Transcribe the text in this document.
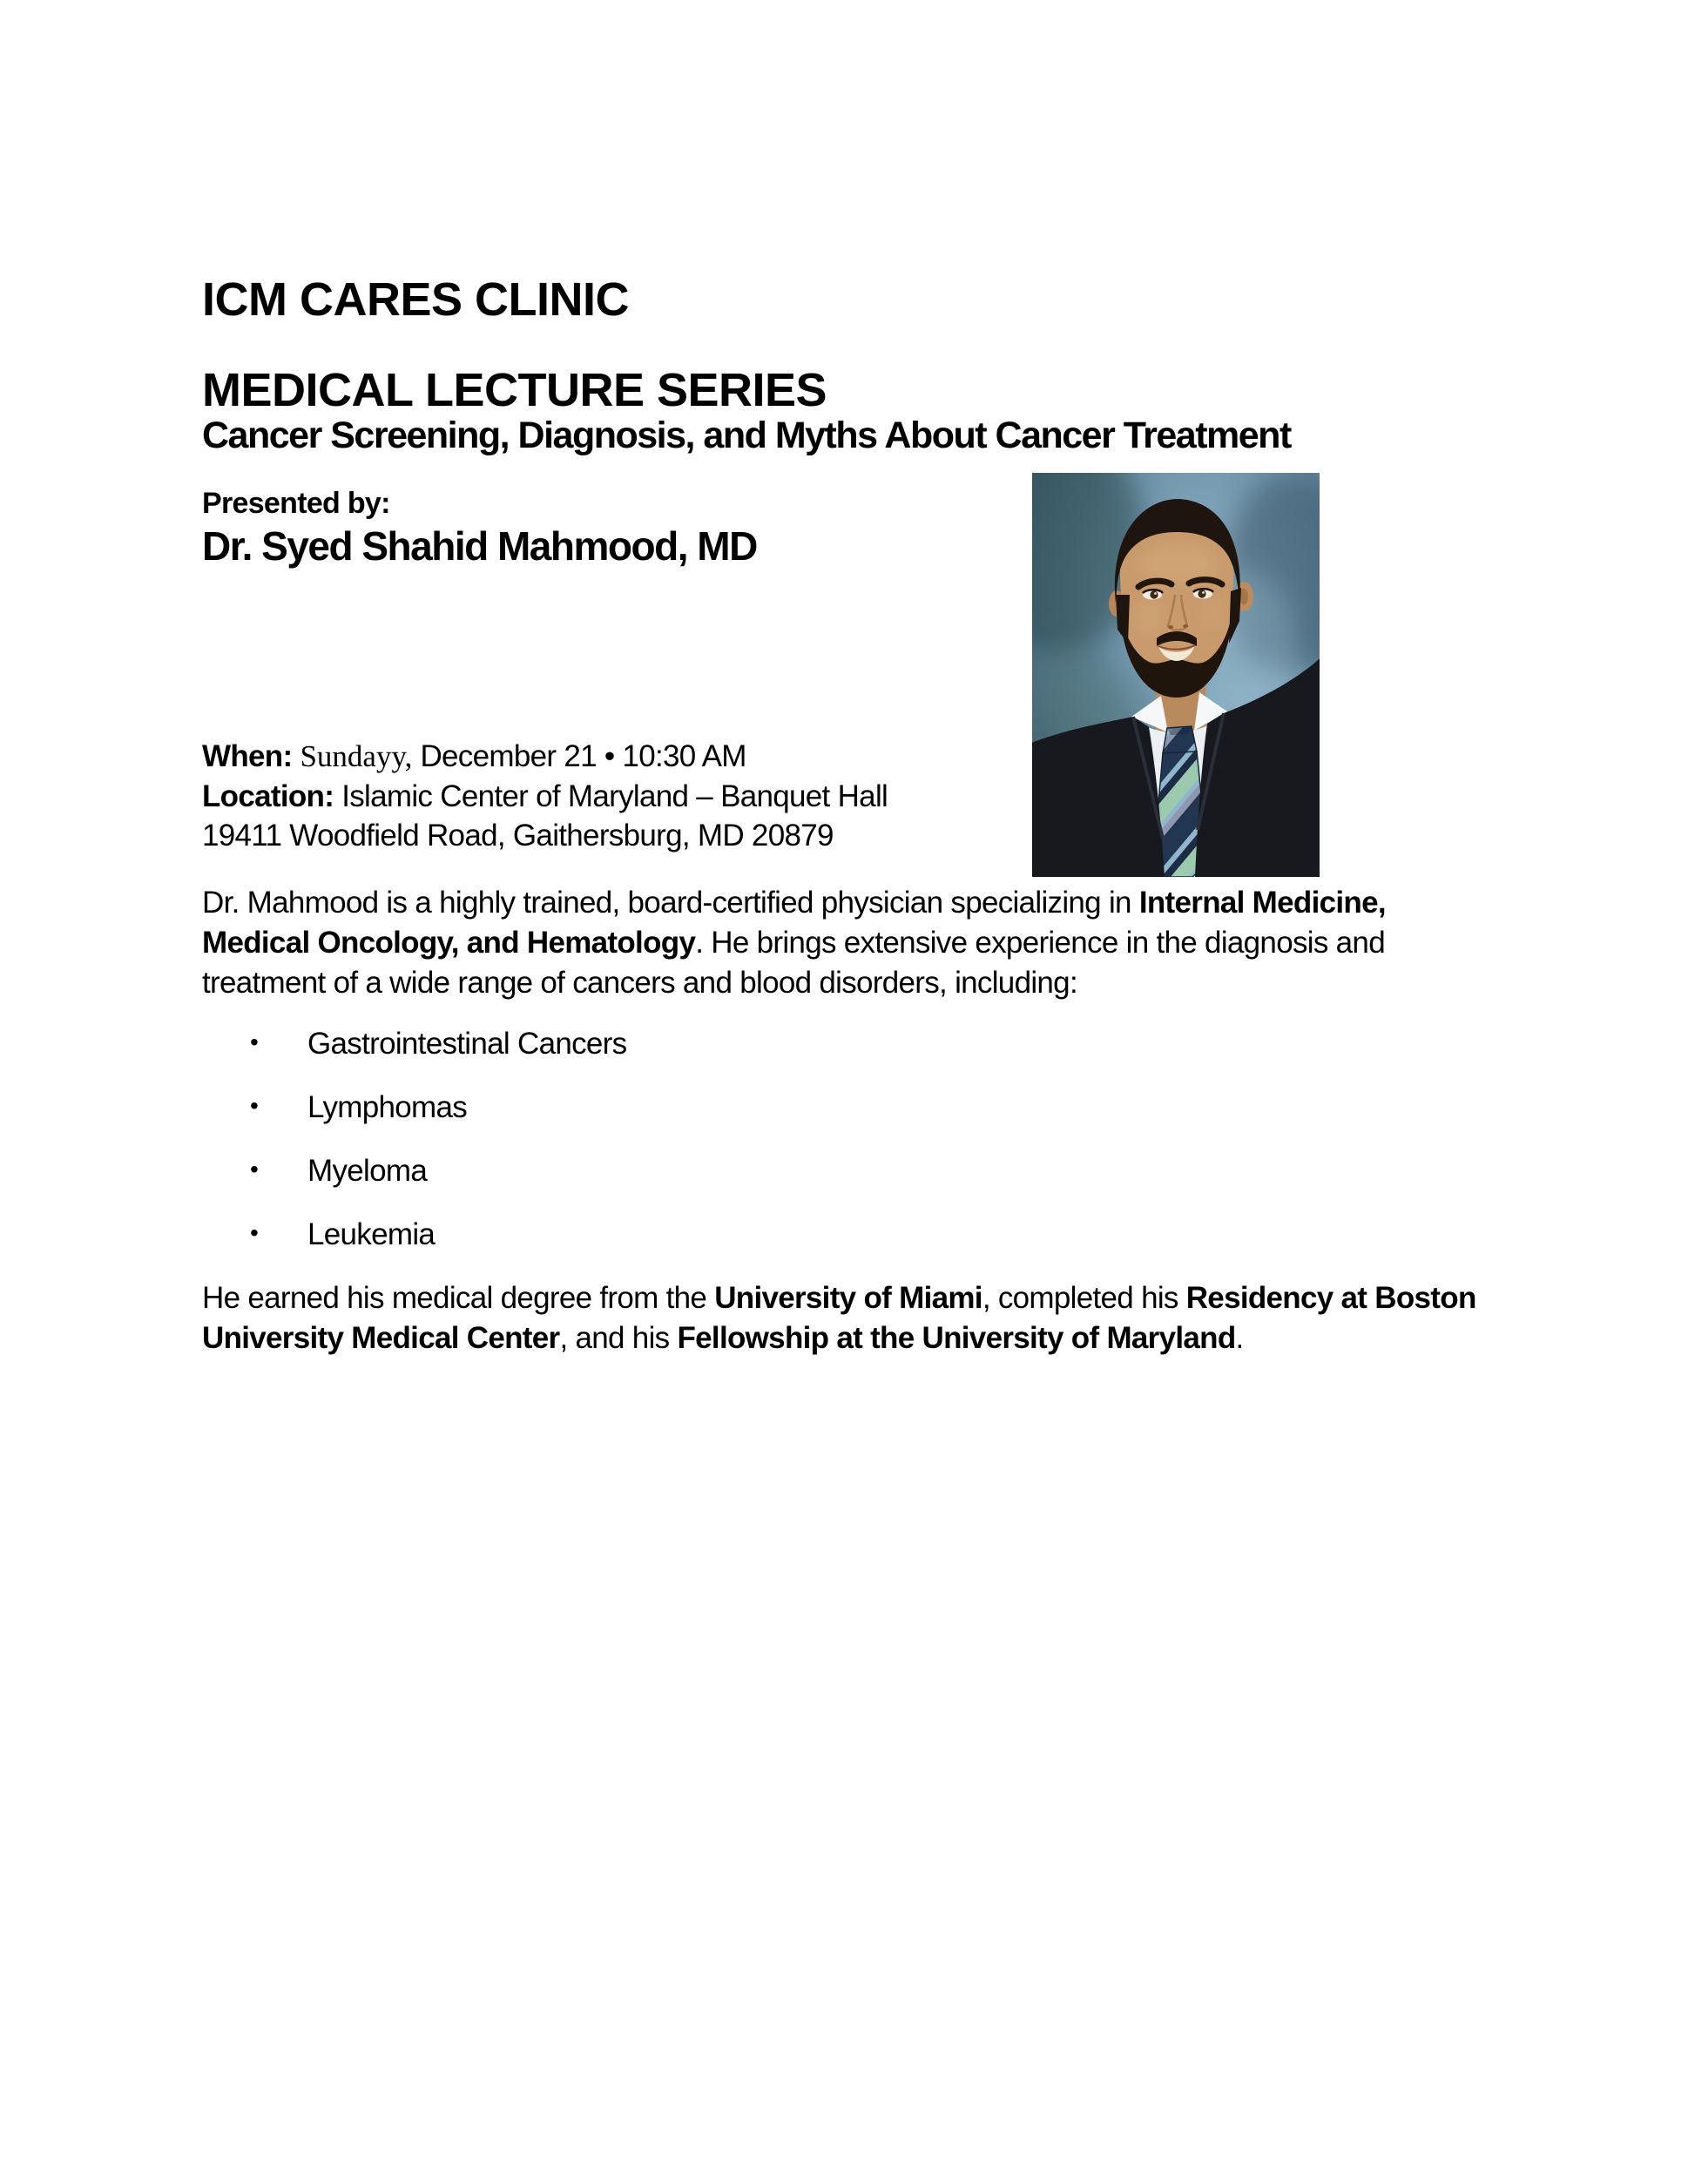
ICM CARES CLINIC
MEDICAL LECTURE SERIES
Cancer Screening, Diagnosis, and Myths About Cancer Treatment
Presented by:
Dr. Syed Shahid Mahmood, MD
When: Sundayy, December 21 • 10:30 AM
Location: Islamic Center of Maryland – Banquet Hall
19411 Woodfield Road, Gaithersburg, MD 20879

Dr. Mahmood is a highly trained, board-certified physician specializing in Internal Medicine,
Medical Oncology, and Hematology. He brings extensive experience in the diagnosis and
treatment of a wide range of cancers and blood disorders, including:

• Gastrointestinal Cancers
• Lymphomas
• Myeloma
• Leukemia

He earned his medical degree from the University of Miami, completed his Residency at Boston
University Medical Center, and his Fellowship at the University of Maryland.
